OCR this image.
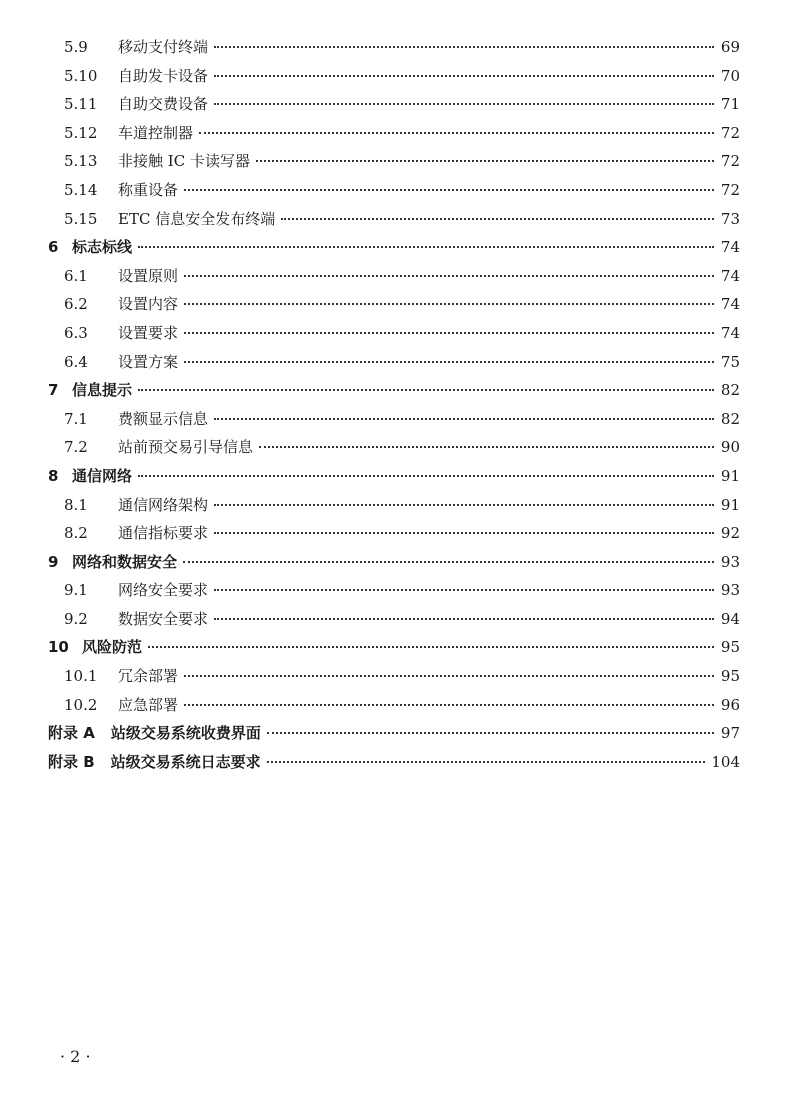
5.9	移动支付终端	69
5.10	自助发卡设备	70
5.11	自助交费设备	71
5.12	车道控制器	72
5.13	非接触 IC 卡读写器	72
5.14	称重设备	72
5.15	ETC 信息安全发布终端	73
6 标志标线	74
6.1	设置原则	74
6.2	设置内容	74
6.3	设置要求	74
6.4	设置方案	75
7 信息提示	82
7.1	费额显示信息	82
7.2	站前预交易引导信息	90
8 通信网络	91
8.1	通信网络架构	91
8.2	通信指标要求	92
9 网络和数据安全	93
9.1	网络安全要求	93
9.2	数据安全要求	94
10 风险防范	95
10.1	冗余部署	95
10.2	应急部署	96
附录 A 站级交易系统收费界面	97
附录 B 站级交易系统日志要求	104
· 2 ·
